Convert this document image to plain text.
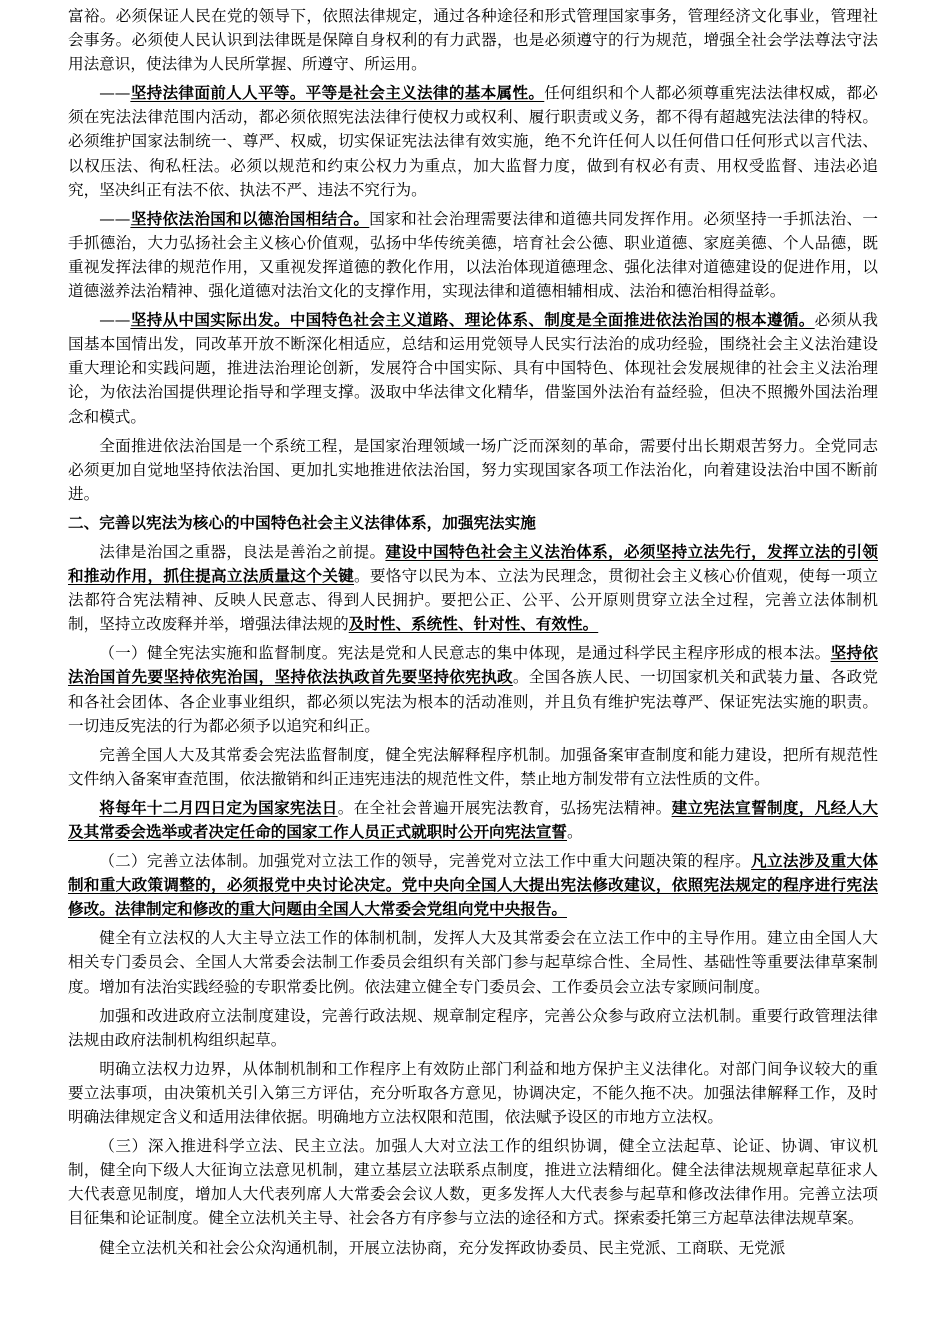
富裕。必须保证人民在党的领导下，依照法律规定，通过各种途径和形式管理国家事务，管理经济文化事业，管理社会事务。必须使人民认识到法律既是保障自身权利的有力武器，也是必须遵守的行为规范，增强全社会学法尊法守法用法意识，使法律为人民所掌握、所遵守、所运用。

——坚持法律面前人人平等。平等是社会主义法律的基本属性。任何组织和个人都必须尊重宪法法律权威，都必须在宪法法律范围内活动，都必须依照宪法法律行使权力或权利、履行职责或义务，都不得有超越宪法法律的特权。必须维护国家法制统一、尊严、权威，切实保证宪法法律有效实施，绝不允许任何人以任何借口任何形式以言代法、以权压法、徇私枉法。必须以规范和约束公权力为重点，加大监督力度，做到有权必有责、用权受监督、违法必追究，坚决纠正有法不依、执法不严、违法不究行为。

——坚持依法治国和以德治国相结合。国家和社会治理需要法律和道德共同发挥作用。必须坚持一手抓法治、一手抓德治，大力弘扬社会主义核心价值观，弘扬中华传统美德，培育社会公德、职业道德、家庭美德、个人品德，既重视发挥法律的规范作用，又重视发挥道德的教化作用，以法治体现道德理念、强化法律对道德建设的促进作用，以道德滋养法治精神、强化道德对法治文化的支撑作用，实现法律和道德相辅相成、法治和德治相得益彰。

——坚持从中国实际出发。中国特色社会主义道路、理论体系、制度是全面推进依法治国的根本遵循。必须从我国基本国情出发，同改革开放不断深化相适应，总结和运用党领导人民实行法治的成功经验，围绕社会主义法治建设重大理论和实践问题，推进法治理论创新，发展符合中国实际、具有中国特色、体现社会发展规律的社会主义法治理论，为依法治国提供理论指导和学理支撑。汲取中华法律文化精华，借鉴国外法治有益经验，但决不照搬外国法治理念和模式。

全面推进依法治国是一个系统工程，是国家治理领域一场广泛而深刻的革命，需要付出长期艰苦努力。全党同志必须更加自觉地坚持依法治国、更加扎实地推进依法治国，努力实现国家各项工作法治化，向着建设法治中国不断前进。

二、完善以宪法为核心的中国特色社会主义法律体系，加强宪法实施

法律是治国之重器，良法是善治之前提。建设中国特色社会主义法治体系，必须坚持立法先行，发挥立法的引领和推动作用，抓住提高立法质量这个关键。要恪守以民为本、立法为民理念，贯彻社会主义核心价值观，使每一项立法都符合宪法精神、反映人民意志、得到人民拥护。要把公正、公平、公开原则贯穿立法全过程，完善立法体制机制，坚持立改废释并举，增强法律法规的及时性、系统性、针对性、有效性。

（一）健全宪法实施和监督制度。宪法是党和人民意志的集中体现，是通过科学民主程序形成的根本法。坚持依法治国首先要坚持依宪治国，坚持依法执政首先要坚持依宪执政。全国各族人民、一切国家机关和武装力量、各政党和各社会团体、各企业事业组织，都必须以宪法为根本的活动准则，并且负有维护宪法尊严、保证宪法实施的职责。一切违反宪法的行为都必须予以追究和纠正。

完善全国人大及其常委会宪法监督制度，健全宪法解释程序机制。加强备案审查制度和能力建设，把所有规范性文件纳入备案审查范围，依法撤销和纠正违宪违法的规范性文件，禁止地方制发带有立法性质的文件。

将每年十二月四日定为国家宪法日。在全社会普遍开展宪法教育，弘扬宪法精神。建立宪法宣誓制度，凡经人大及其常委会选举或者决定任命的国家工作人员正式就职时公开向宪法宣誓。

（二）完善立法体制。加强党对立法工作的领导，完善党对立法工作中重大问题决策的程序。凡立法涉及重大体制和重大政策调整的，必须报党中央讨论决定。党中央向全国人大提出宪法修改建议，依照宪法规定的程序进行宪法修改。法律制定和修改的重大问题由全国人大常委会党组向党中央报告。

健全有立法权的人大主导立法工作的体制机制，发挥人大及其常委会在立法工作中的主导作用。建立由全国人大相关专门委员会、全国人大常委会法制工作委员会组织有关部门参与起草综合性、全局性、基础性等重要法律草案制度。增加有法治实践经验的专职常委比例。依法建立健全专门委员会、工作委员会立法专家顾问制度。

加强和改进政府立法制度建设，完善行政法规、规章制定程序，完善公众参与政府立法机制。重要行政管理法律法规由政府法制机构组织起草。

明确立法权力边界，从体制机制和工作程序上有效防止部门利益和地方保护主义法律化。对部门间争议较大的重要立法事项，由决策机关引入第三方评估，充分听取各方意见，协调决定，不能久拖不决。加强法律解释工作，及时明确法律规定含义和适用法律依据。明确地方立法权限和范围，依法赋予设区的市地方立法权。

（三）深入推进科学立法、民主立法。加强人大对立法工作的组织协调，健全立法起草、论证、协调、审议机制，健全向下级人大征询立法意见机制，建立基层立法联系点制度，推进立法精细化。健全法律法规规章起草征求人大代表意见制度，增加人大代表列席人大常委会会议人数，更多发挥人大代表参与起草和修改法律作用。完善立法项目征集和论证制度。健全立法机关主导、社会各方有序参与立法的途径和方式。探索委托第三方起草法律法规草案。

健全立法机关和社会公众沟通机制，开展立法协商，充分发挥政协委员、民主党派、工商联、无党派
